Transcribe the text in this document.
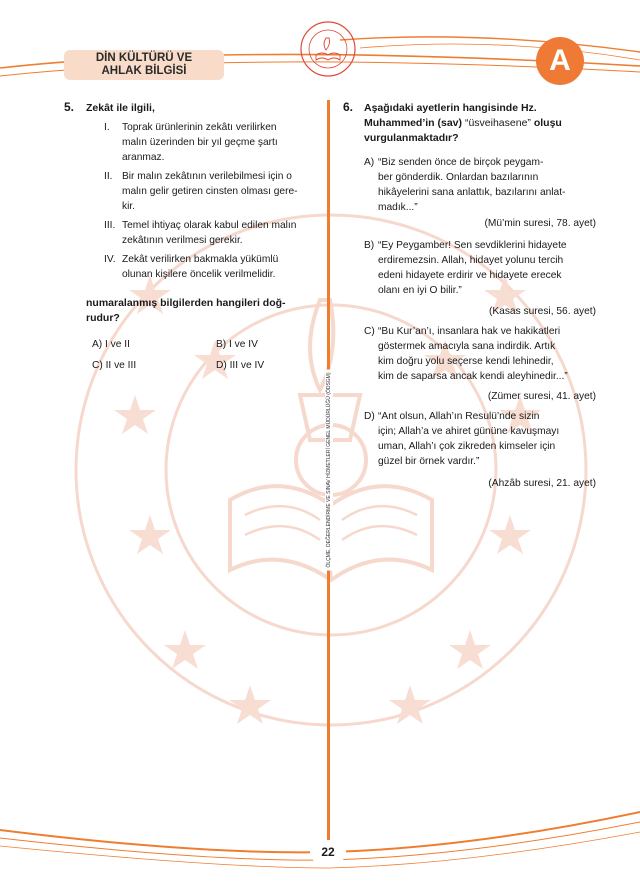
DİN KÜLTÜRÜ VE
AHLAK BİLGİSİ	A
ÖLÇME, DEĞERLENDİRME VE SINAV HİZMETLERİ GENEL MÜDÜRLÜĞÜ (ÖDSGM)
5. Zekât ile ilgili,
I.	Toprak ürünlerinin zekâtı verilirken
malın üzerinden bir yıl geçme şartı
aranmaz.
II. Bir malın zekâtının verilebilmesi için o
malın gelir getiren cinsten olması gere-
kir.
III. Temel ihtiyaç olarak kabul edilen malın
zekâtının verilmesi gerekir.
IV. Zekât verilirken bakmakla yükümlü
olunan kişilere öncelik verilmelidir.
numaralanmış bilgilerden hangileri doğ-
rudur?
A) I ve II	B) I ve IV
C) II ve III	D) III ve IV
6. Aşağıdaki ayetlerin hangisinde Hz.
Muhammed’in (sav) “üsveihasene” oluşu
vurgulanmaktadır?
A) “Biz senden önce de birçok peygam-
ber gönderdik. Onlardan bazılarının
hikâyelerini sana anlattık, bazılarını anlat-
madık...”
(Mü’min suresi, 78. ayet)
B) “Ey Peygamber! Sen sevdiklerini hidayete
erdiremezsin. Allah, hidayet yolunu tercih
edeni hidayete erdirir ve hidayete erecek
olanı en iyi O bilir.”
(Kasas suresi, 56. ayet)
C) “Bu Kur’an’ı, insanlara hak ve hakikatleri
göstermek amacıyla sana indirdik. Artık
kim doğru yolu seçerse kendi lehinedir,
kim de saparsa ancak kendi aleyhinedir...”
(Zümer suresi, 41. ayet)
D) “Ant olsun, Allah’ın Resulü’nde sizin
için; Allah’a ve ahiret gününe kavuşmayı
uman, Allah’ı çok zikreden kimseler için
güzel bir örnek vardır.”
(Ahzâb suresi, 21. ayet)
22
